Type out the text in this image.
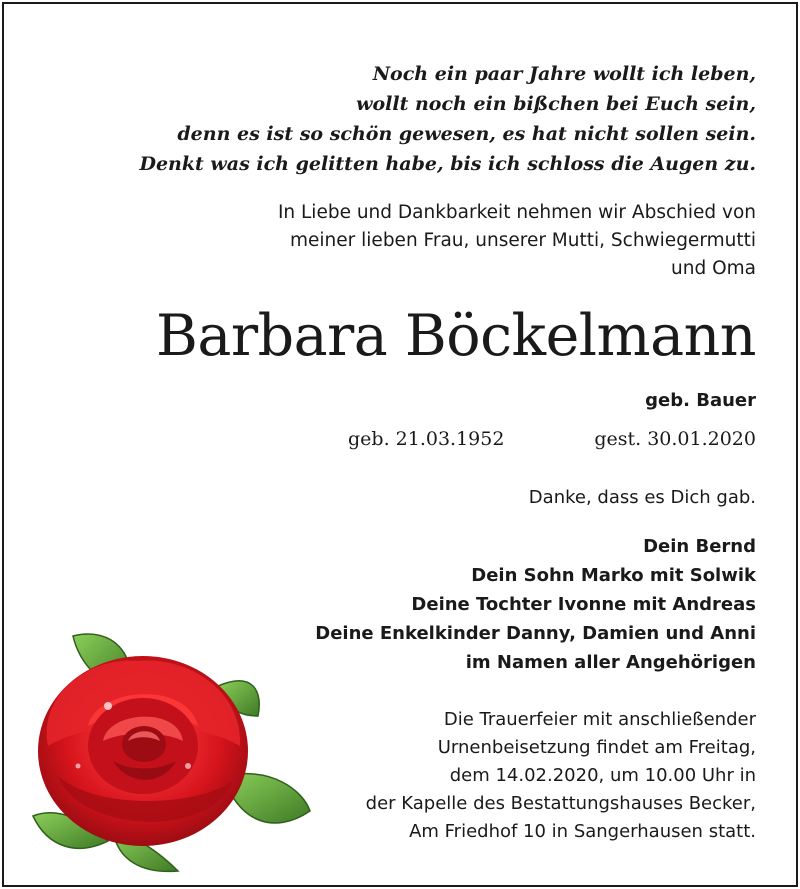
Noch ein paar Jahre wollt ich leben,
wollt noch ein bißchen bei Euch sein,
denn es ist so schön gewesen, es hat nicht sollen sein.
Denkt was ich gelitten habe, bis ich schloss die Augen zu.
In Liebe und Dankbarkeit nehmen wir Abschied von
meiner lieben Frau, unserer Mutti, Schwiegermutti
und Oma
Barbara Böckelmann
geb. Bauer
geb. 21.03.1952	gest. 30.01.2020
Danke, dass es Dich gab.
Dein Bernd
Dein Sohn Marko mit Solwik
Deine Tochter Ivonne mit Andreas
Deine Enkelkinder Danny, Damien und Anni
im Namen aller Angehörigen
Die Trauerfeier mit anschließender
Urnenbeisetzung findet am Freitag,
dem 14.02.2020, um 10.00 Uhr in
der Kapelle des Bestattungshauses Becker,
Am Friedhof 10 in Sangerhausen statt.
